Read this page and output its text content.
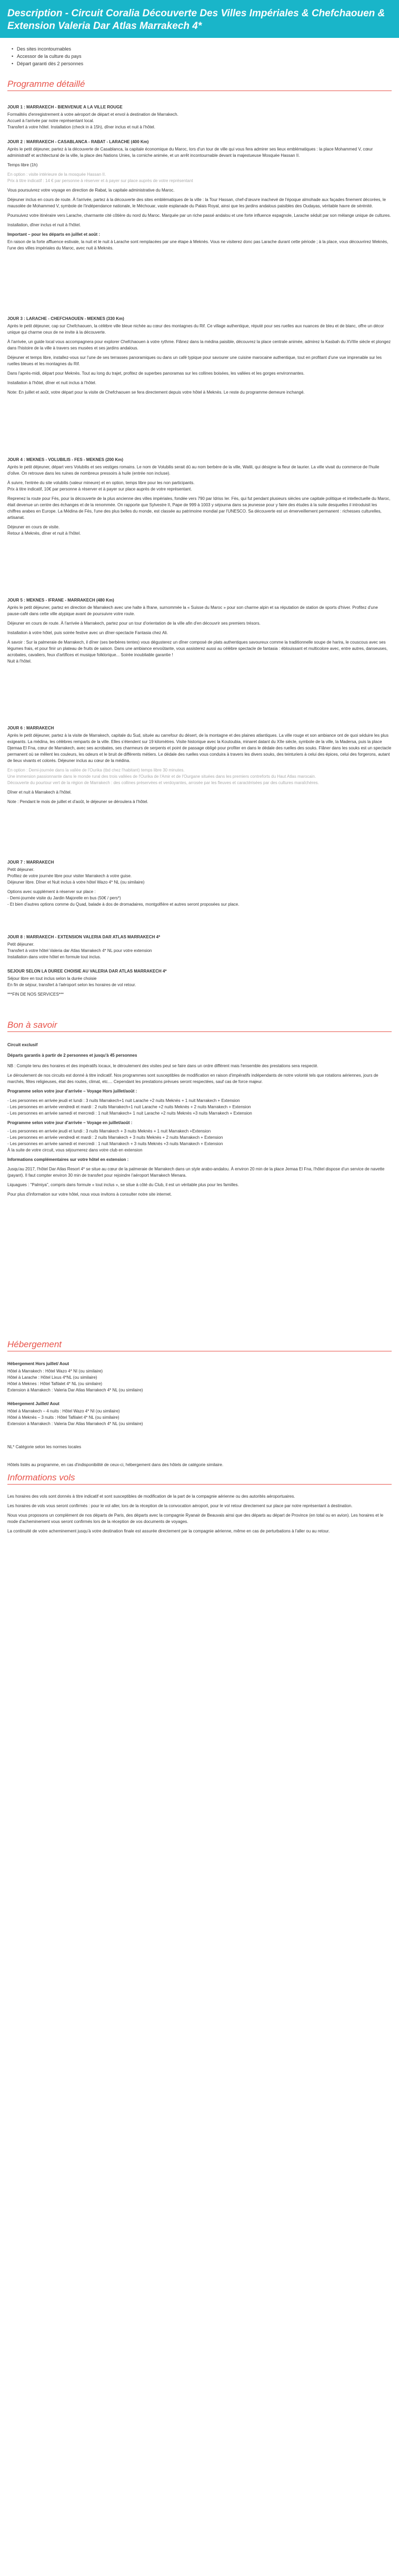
Description - Circuit Coralia Découverte Des Villes Impériales & Chefchaouen & Extension Valeria Dar Atlas Marrakech 4*
• Des sites incontournables
• Accessor de la culture du pays
• Départ garanti dès 2 personnes
Programme détaillé
JOUR 1 : MARRAKECH - BIENVENUE A LA VILLE ROUGE
Formalités d'enregistrement à votre aéroport de départ et envol à destination de Marrakech.
Accueil à l'arrivée par notre représentant local.
Transfert à votre hôtel. Installation (check in à 15h), dîner inclus et nuit à l'hôtel.
JOUR 2 : MARRAKECH - CASABLANCA - RABAT - LARACHE (400 Km)
Après le petit déjeuner, partez à la découverte de Casablanca, la capitale économique du Maroc, lors d'un tour de ville qui vous fera admirer ses lieux emblématiques : la place Mohammed V, cœur administratif et architectural de la ville, la place des Nations Unies, la corniche animée, et un arrêt incontournable devant la majestueuse Mosquée Hassan II.
Temps libre (1h)
En option : visite intérieure de la mosquée Hassan II.
Prix à titre indicatif : 14 € par personne à réserver et à payer sur place auprès de votre représentant
Vous poursuivrez votre voyage en direction de Rabat, la capitale administrative du Maroc.
Déjeuner inclus en cours de route. À l'arrivée, partez à la découverte des sites emblématiques de la ville : la Tour Hassan, chef-d'œuvre inachevé de l'époque almohade aux façades finement décorées, le mausolée de Mohammed V, symbole de l'indépendance nationale, le Méchouar, vaste esplanade du Palais Royal, ainsi que les jardins andalous paisibles des Oudayas, véritable havre de sérénité.
Poursuivez votre itinéraire vers Larache, charmante cité côtière du nord du Maroc. Marquée par un riche passé andalou et une forte influence espagnole, Larache séduit par son mélange unique de cultures.
Installation, dîner inclus et nuit à l'hôtel.
Important – pour les départs en juillet et août :
En raison de la forte affluence estivale, la nuit et le nuit à Larache sont remplacées par une étape à Meknès. Vous ne visiterez donc pas Larache durant cette période ; à la place, vous découvrirez Meknès, l'une des villes impériales du Maroc, avec nuit à Meknès.
JOUR 3 : LARACHE - CHEFCHAOUEN - MEKNES (330 Km)
Après le petit déjeuner, cap sur Chefchaouen, la célèbre ville bleue nichée au cœur des montagnes du Rif. Ce village authentique, réputé pour ses ruelles aux nuances de bleu et de blanc, offre un décor unique qui charme ceux de ne invite à la découverte.
À l'arrivée, un guide local vous accompagnera pour explorer Chefchaouen à votre rythme. Flânez dans la médina paisible, découvrez la place centrale animée, admirez la Kasbah du XVIIIe siècle et plongez dans l'histoire de la ville à travers ses musées et ses jardins andalous.
Déjeuner et temps libre, installez-vous sur l'une de ses terrasses panoramiques ou dans un café typique pour savourer une cuisine marocaine authentique, tout en profitant d'une vue imprenable sur les ruelles bleues et les montagnes du Rif.
Dans l'après-midi, départ pour Meknès. Tout au long du trajet, profitez de superbes panoramas sur les collines boisées, les vallées et les gorges environnantes.
Installation à l'hôtel, dîner et nuit inclus à l'hôtel.
Note: En juillet et août, votre départ pour la visite de Chefchaouen se fera directement depuis votre hôtel à Meknès. Le reste du programme demeure inchangé.
JOUR 4 : MEKNES - VOLUBILIS - FES - MEKNES (200 Km)
Après le petit déjeuner, départ vers Volubilis et ses vestiges romains. Le nom de Volubilis serait dû au nom berbère de la ville, Walili, qui désigne la fleur de laurier. La ville vivait du commerce de l'huile d'olive. On retrouve dans les ruines de nombreux pressoirs à huile (entrée non incluse).
À suivre, l'entrée du site volubilis (valeur mineure) et en option, temps libre pour les non participants.
Prix à titre indicatif, 10€ par personne à réserver et à payer sur place auprès de votre représentant.
Reprenez la route pour Fès, pour la découverte de la plus ancienne des villes impériales, fondée vers 790 par Idriss Ier. Fès, qui fut pendant plusieurs siècles une capitale politique et intellectuelle du Maroc, était devenue un centre des échanges et de la renommée. On rapporte que Sylvestre II, Pape de 999 à 1003 y séjourna dans sa jeunesse pour y faire des études à la suite desquelles il introduisit les chiffres arabes en Europe. La Médina de Fès, l'une des plus belles du monde, est classée au patrimoine mondial par l'UNESCO. Sa découverte est un émerveillement permanent : richesses culturelles, artisanat.
Déjeuner en cours de visite.
Retour à Meknès, dîner et nuit à l'hôtel.
JOUR 5 : MEKNES - IFRANE - MARRAKECH (480 Km)
Après le petit déjeuner, partez en direction de Marrakech avec une halte à Ifrane, surnommée la « Suisse du Maroc » pour son charme alpin et sa réputation de station de sports d'hiver. Profitez d'une pause-café dans cette ville atypique avant de poursuivre votre route.
Déjeuner en cours de route. À l'arrivée à Marrakech, partez pour un tour d'orientation de la ville afin d'en découvrir ses premiers trésors.
Installation à votre hôtel, puis soirée festive avec un dîner-spectacle Fantasia chez Ali.
À savoir : Sur la palmeraie de Marrakech, il dîner (ses berbères tentes) vous dégusterez un dîner composé de plats authentiques savoureux comme la traditionnelle soupe de harira, le couscous avec ses légumes frais, et pour finir un plateau de fruits de saison. Dans une ambiance envoûtante, vous assisterez aussi au célèbre spectacle de fantasia : éblouissant et multicolore avec, entre autres, danseuses, acrobates, cavaliers, feux d'artifices et musique folklorique... Soirée inoubliable garantie !
Nuit à l'hôtel.
JOUR 6 : MARRAKECH
Après le petit déjeuner, partez à la visite de Marrakech, capitale du Sud, située au carrefour du désert, de la montagne et des plaines atlantiques. La ville rouge et son ambiance ont de quoi séduire les plus exigeants. La médina, les célèbres remparts de la ville. Elles s'étendent sur 19 kilomètres. Visite historique avec la Koutoubia, minaret datant du XIIe siècle, symbole de la ville, la Madersa, puis la place Djemaa El Fna, cœur de Marrakech, avec ses acrobates, ses charmeurs de serpents et point de passage obligé pour profiter en dans le dédale des ruelles des souks. Flâner dans les souks est un spectacle permanent où se mêlent les couleurs, les odeurs et le bruit de différents métiers. Le dédale des ruelles vous conduira à travers les divers souks, des teinturiers à celui des épices, celui des forgerons, autant de lieux vivants et colorés. Déjeuner inclus au cœur de la médina.
En option : Demi-journée dans la vallée de l'Ourika (tbd chez l'habitant) temps libre 30 minutes.
Une immersion passionnante dans le monde rural des trois vallées de l'Ourika de l'Amir et de l'Ourgane situées dans les premiers contreforts du Haut Atlas marocain.
Découverte du pourtour vert de la région de Marrakech : des collines préservées et verdoyantes, arrosée par les fleuves et caractérisées par des cultures maraîchères.
Dîner et nuit à Marrakech à l'hôtel.
Note : Pendant le mois de juillet et d'août, le déjeuner se déroulera à l'hôtel.
JOUR 7 : MARRAKECH
Petit déjeuner.
Profitez de votre journée libre pour visiter Marrakech à votre guise.
Déjeuner libre. Dîner et Nuit inclus à votre hôtel Wazo 4* NL (ou similaire)
Options avec supplément à réserver sur place :
- Demi-journée visite du Jardin Majorelle en bus (50€ / pers*)
- Et bien d'autres options comme du Quad, balade à dos de dromadaires, montgolfière et autres seront proposées sur place.
JOUR 8 : MARRAKECH - EXTENSION VALERIA DAR ATLAS MARRAKECH 4*
Petit déjeuner.
Transfert à votre hôtel Valeria dar Atlas Marrakech 4* NL pour votre extension
Installation dans votre hôtel en formule tout inclus.
SEJOUR SELON LA DUREE CHOISIE AU VALERIA DAR ATLAS MARRAKECH 4*
Séjour libre en tout inclus selon la durée choisie
En fin de séjour, transfert à l'aéroport selon les horaires de vol retour.
***FIN DE NOS SERVICES***
Bon à savoir
Circuit exclusif
Départs garantis à partir de 2 personnes et jusqu'à 45 personnes
NB : Compte tenu des horaires et des impératifs locaux, le déroulement des visites peut se faire dans un ordre différent mais l'ensemble des prestations sera respecté.
Le déroulement de nos circuits est donné à titre indicatif. Nos programmes sont susceptibles de modification en raison d'impératifs indépendants de notre volonté tels que rotations aériennes, jours de marchés, fêtes religieuses, état des routes, climat, etc.... Cependant les prestations prévues seront respectées, sauf cas de force majeur.
Programme selon votre jour d'arrivée – Voyage Hors juillet/août :
- Les personnes en arrivée jeudi et lundi : 3 nuits Marrakech+1 nuit Larache +2 nuits Meknès + 1 nuit Marrakech + Extension
- Les personnes en arrivée vendredi et mardi : 2 nuits Marrakech+1 nuit Larache +2 nuits Meknès + 2 nuits Marrakech + Extension
- Les personnes en arrivée samedi et mercredi : 1 nuit Marrakech+ 1 nuit Larache +2 nuits Meknès +3 nuits Marrakech + Extension
Programme selon votre jour d'arrivée – Voyage en juillet/août :
- Les personnes en arrivée jeudi et lundi : 3 nuits Marrakech + 3 nuits Meknès + 1 nuit Marrakech +Extension
- Les personnes en arrivée vendredi et mardi : 2 nuits Marrakech + 3 nuits Meknès + 2 nuits Marrakech + Extension
- Les personnes en arrivée samedi et mercredi : 1 nuit Marrakech + 3 nuits Meknès +3 nuits Marrakech + Extension
À la suite de votre circuit, vous séjournerez dans votre club en extension
Informations complémentaires sur votre hôtel en extension :
Jusqu'au 2017, l'hôtel Dar Atlas Resort 4* se situe au cœur de la palmeraie de Marrakech dans un style arabo-andalou. À environ 20 min de la place Jemaa El Fna, l'hôtel dispose d'un service de navette (payant). Il faut compter environ 30 min de transfert pour rejoindre l'aéroport Marrakech Menara.
Liquagues : "Palmiya", compris dans formule « tout inclus », se situe à côté du Club, il est un véritable plus pour les familles.
Pour plus d'information sur votre hôtel, nous vous invitons à consulter notre site internet.
Hébergement
Hébergement Hors juillet/ Aout
Hôtel à Marrakech : Hôtel Wazo 4* NI (ou similaire)
Hôtel à Larache : Hôtel Lixus 4*NL (ou similaire)
Hôtel à Meknes : Hôtel Tafilalet 4* NL (ou similaire)
Extension à Marrakech : Valeria Dar Atlas Marrakech 4* NL (ou similaire)
Hébergement Juillet/ Aout
Hôtel à Marrakech – 4 nuits : Hôtel Wazo 4* NI (ou similaire)
Hôtel à Meknès – 3 nuits : Hôtel Tafilalet 4* NL (ou similaire)
Extension à Marrakech : Valeria Dar Atlas Marrakech 4* NL (ou similaire)
NL* Catégorie selon les normes locales
Hôtels listés au programme, en cas d'indisponibilité de ceux-ci, hébergement dans des hôtels de catégorie similaire.
Informations vols
Les horaires des vols sont donnés à titre indicatif et sont susceptibles de modification de la part de la compagnie aérienne ou des autorités aéroportuaires.
Les horaires de vols vous seront confirmés : pour le vol aller, lors de la réception de la convocation aéroport, pour le vol retour directement sur place par notre représentant à destination.
Nous vous proposons un complément de nos départs de Paris, des départs avec la compagnie Ryanair de Beauvais ainsi que des départs au départ de Province (en total ou en avion). Les horaires et le mode d'acheminement vous seront confirmés lors de la réception de vos documents de voyages.
La continuité de votre acheminement jusqu'à votre destination finale est assurée directement par la compagnie aérienne, même en cas de perturbations à l'aller ou au retour.
